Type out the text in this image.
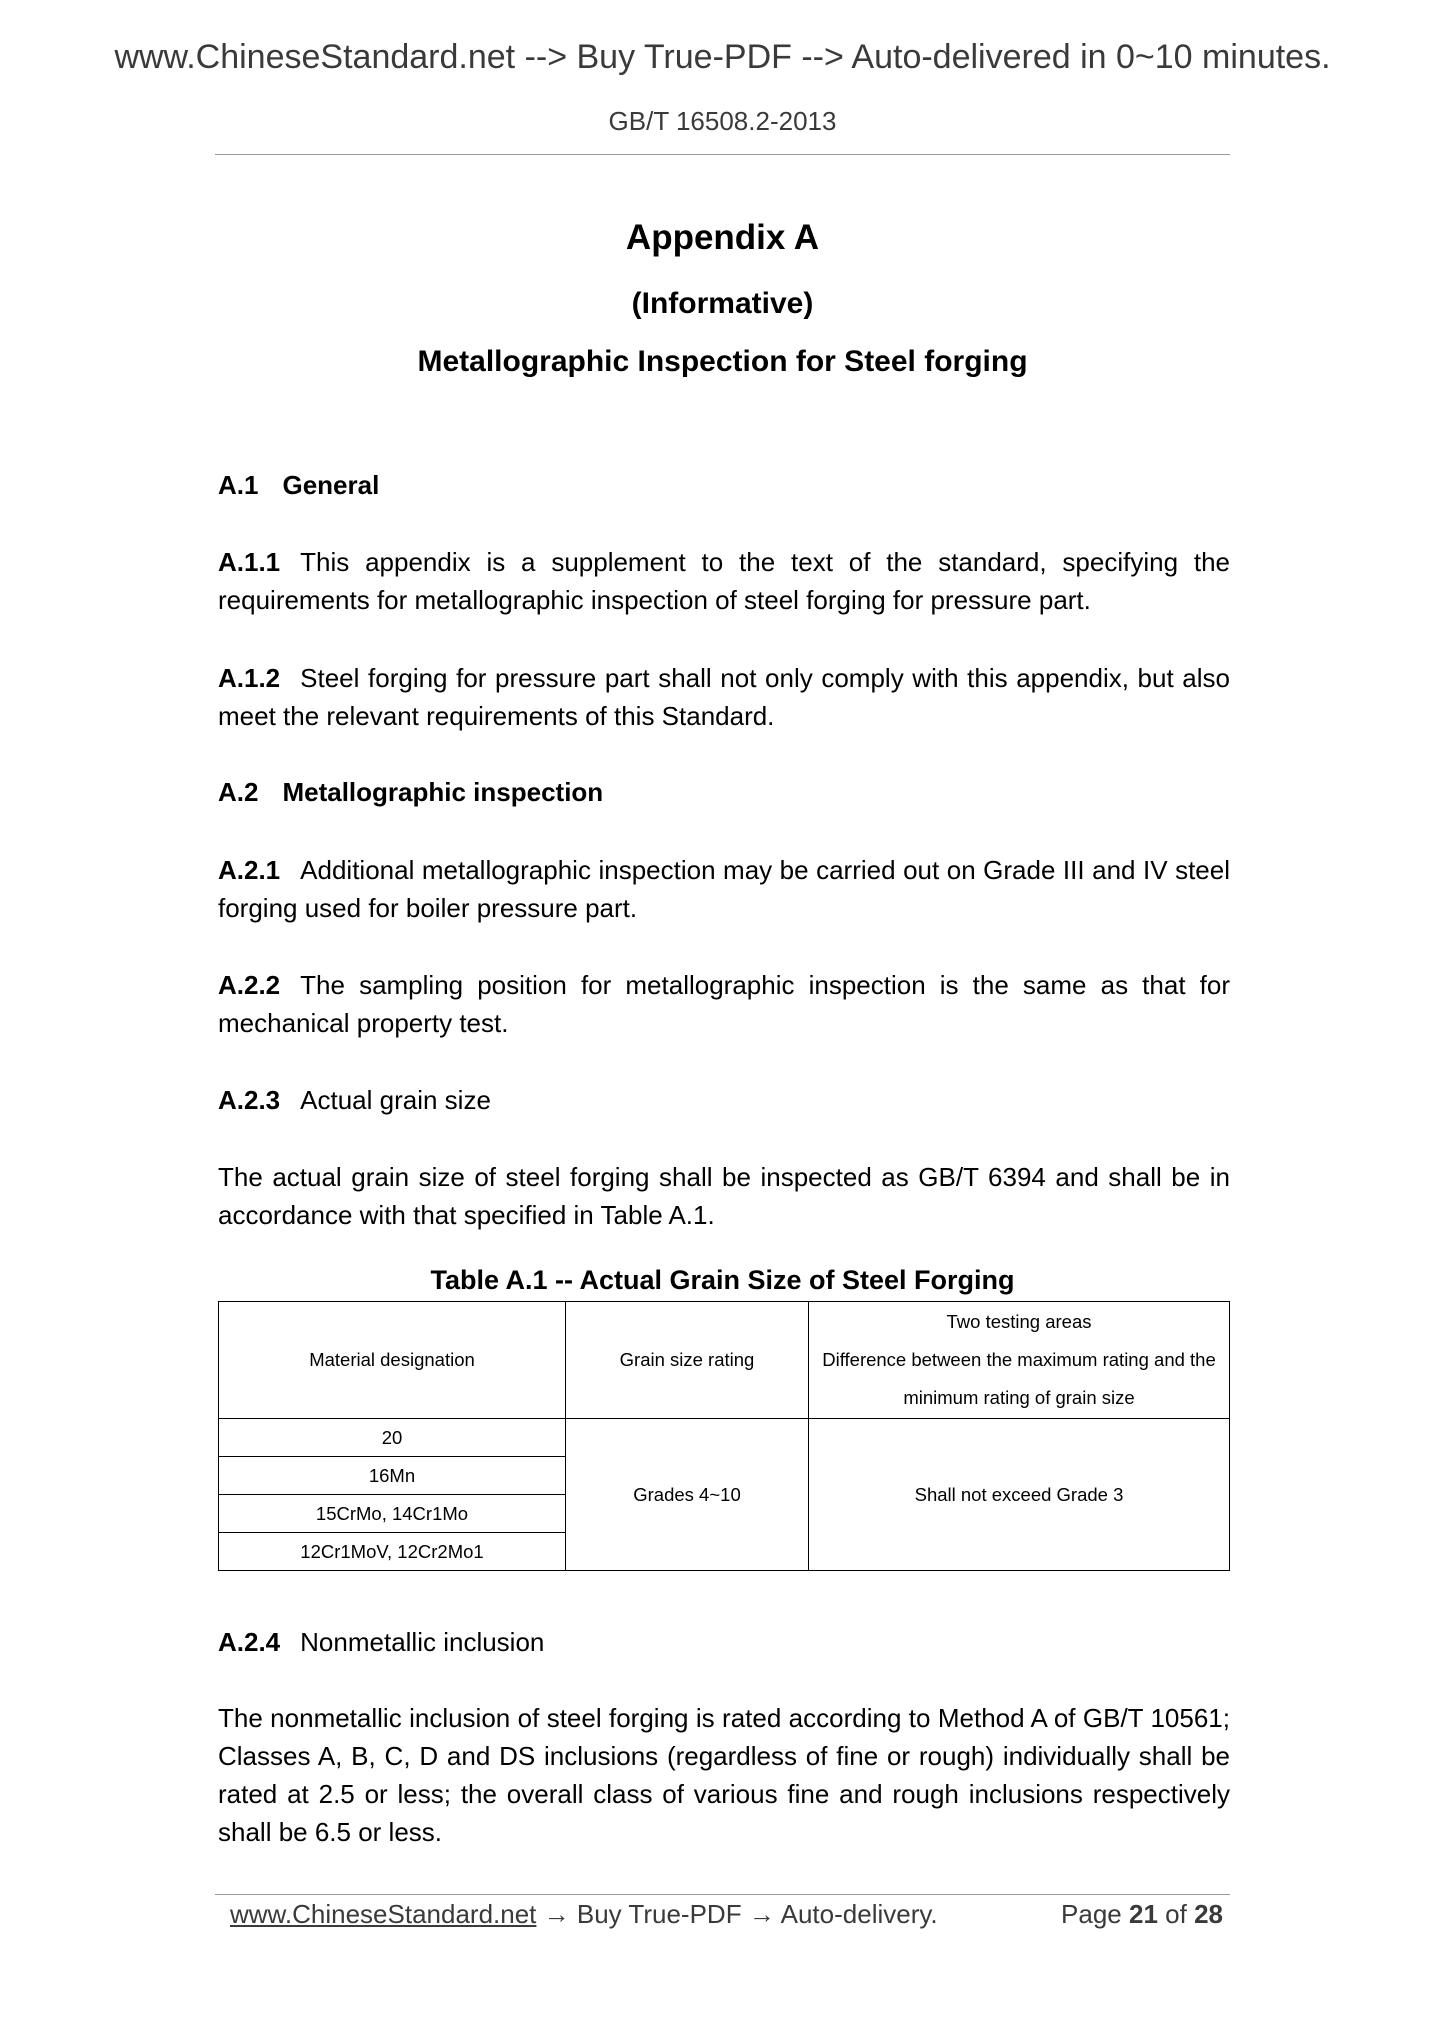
www.ChineseStandard.net --> Buy True-PDF --> Auto-delivered in 0~10 minutes.
GB/T 16508.2-2013
Appendix A
(Informative)
Metallographic Inspection for Steel forging
A.1 General
A.1.1 This appendix is a supplement to the text of the standard, specifying the requirements for metallographic inspection of steel forging for pressure part.
A.1.2 Steel forging for pressure part shall not only comply with this appendix, but also meet the relevant requirements of this Standard.
A.2 Metallographic inspection
A.2.1 Additional metallographic inspection may be carried out on Grade III and IV steel forging used for boiler pressure part.
A.2.2 The sampling position for metallographic inspection is the same as that for mechanical property test.
A.2.3 Actual grain size
The actual grain size of steel forging shall be inspected as GB/T 6394 and shall be in accordance with that specified in Table A.1.
Table A.1 -- Actual Grain Size of Steel Forging
Material designation	Grain size rating	Two testing areas
Difference between the maximum rating and the
minimum rating of grain size

20	Grades 4~10	Shall not exceed Grade 3
16Mn		
15CrMo, 14Cr1Mo		
12Cr1MoV, 12Cr2Mo1		
A.2.4 Nonmetallic inclusion
The nonmetallic inclusion of steel forging is rated according to Method A of GB/T 10561; Classes A, B, C, D and DS inclusions (regardless of fine or rough) individually shall be rated at 2.5 or less; the overall class of various fine and rough inclusions respectively shall be 6.5 or less.
www.ChineseStandard.net → Buy True-PDF → Auto-delivery.	Page 21 of 28
